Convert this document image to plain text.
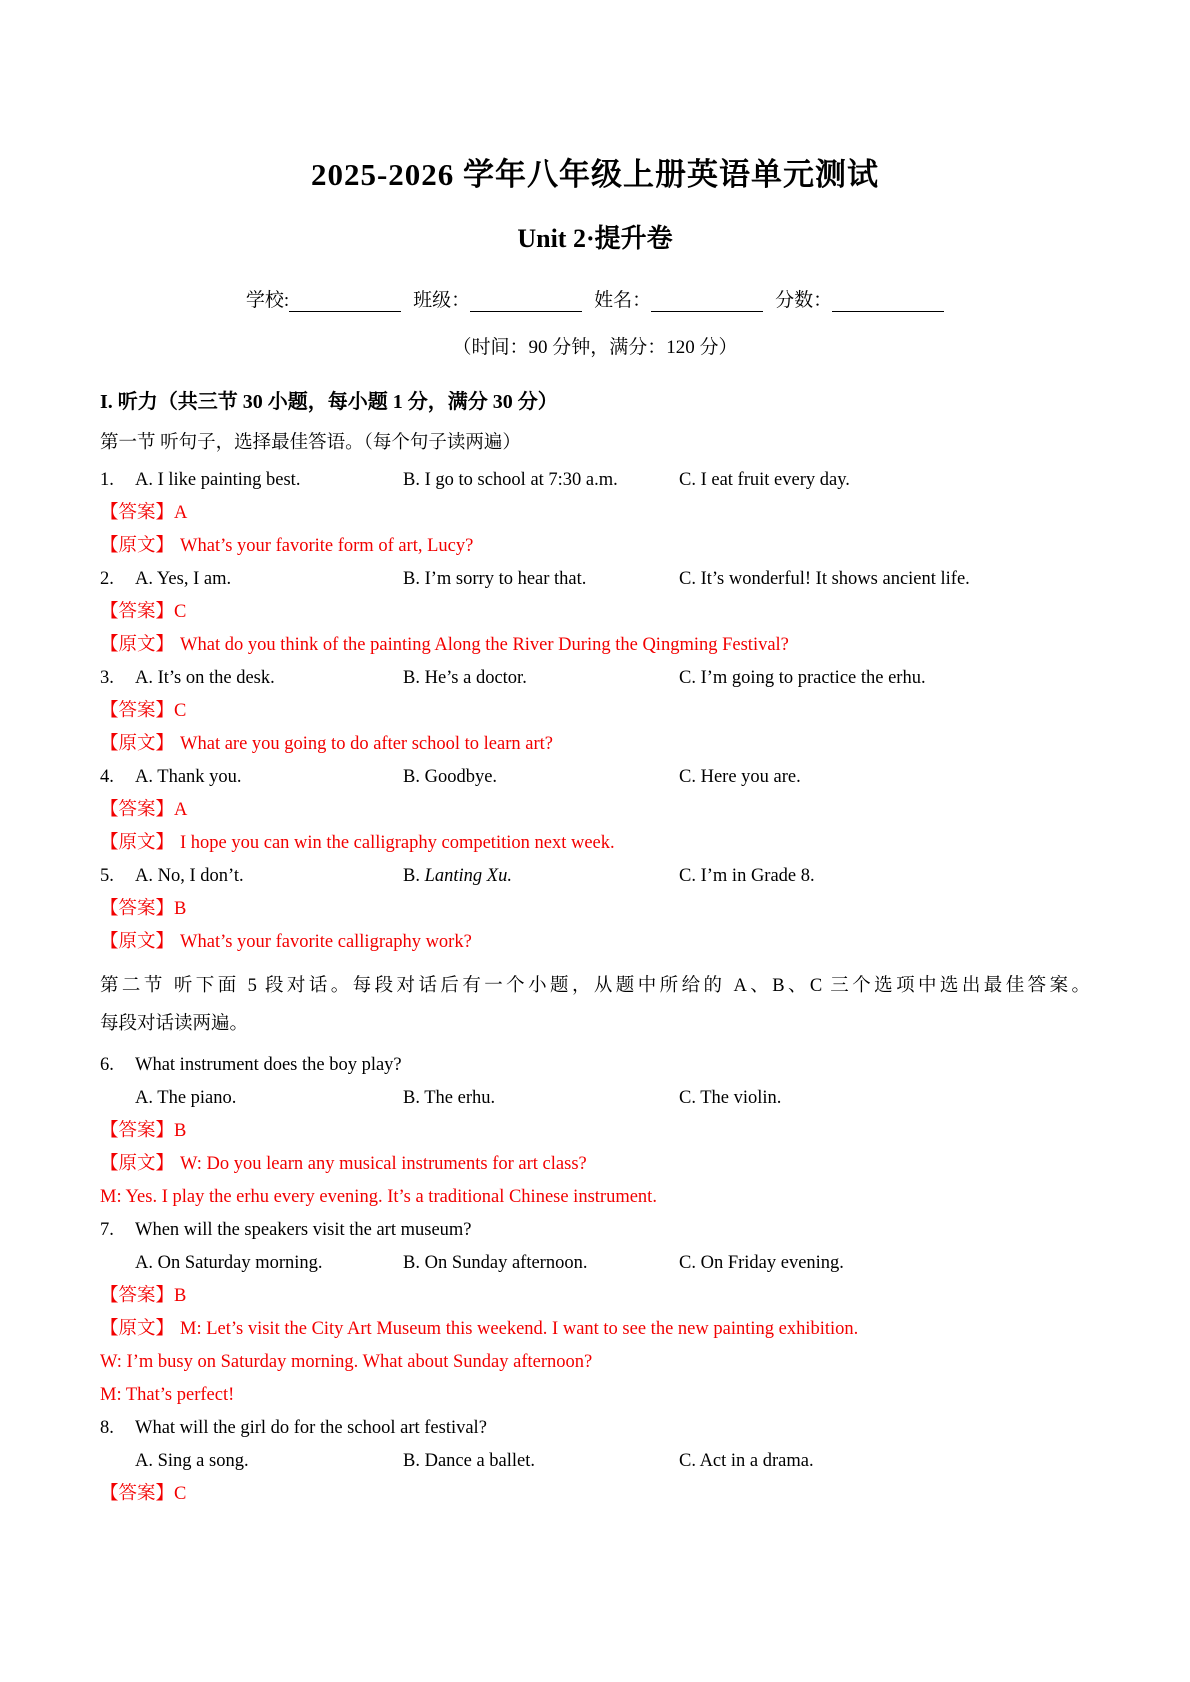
2025-2026 学年八年级上册英语单元测试
Unit 2·提升卷
学校:	班级：	姓名：	分数：
（时间：90 分钟，满分：120 分）
I. 听力（共三节 30 小题，每小题 1 分，满分 30 分）
第一节 听句子，选择最佳答语。（每个句子读两遍）
1.	A. I like painting best.	B. I go to school at 7:30 a.m.	C. I eat fruit every day.
【答案】 A
【原文】 What’s your favorite form of art, Lucy?
2.	A. Yes, I am.	B. I’m sorry to hear that.	C. It’s wonderful! It shows ancient life.
【答案】 C
【原文】 What do you think of the painting Along the River During the Qingming Festival?
3.	A. It’s on the desk.	B. He’s a doctor.	C. I’m going to practice the erhu.
【答案】 C
【原文】 What are you going to do after school to learn art?
4.	A. Thank you.	B. Goodbye.	C. Here you are.
【答案】 A
【原文】 I hope you can win the calligraphy competition next week.
5.	A. No, I don’t.	B. Lanting Xu.	C. I’m in Grade 8.
【答案】 B
【原文】 What’s your favorite calligraphy work?
第二节 听下面 5 段对话。每段对话后有一个小题，从题中所给的 A、B、C 三个选项中选出最佳答案。
每段对话读两遍。
6.	What instrument does the boy play?
A. The piano.	B. The erhu.	C. The violin.
【答案】 B
【原文】 W: Do you learn any musical instruments for art class?
M: Yes. I play the erhu every evening. It’s a traditional Chinese instrument.
7.	When will the speakers visit the art museum?
A. On Saturday morning.	B. On Sunday afternoon.	C. On Friday evening.
【答案】 B
【原文】 M: Let’s visit the City Art Museum this weekend. I want to see the new painting exhibition.
W: I’m busy on Saturday morning. What about Sunday afternoon?
M: That’s perfect!
8.	What will the girl do for the school art festival?
A. Sing a song.	B. Dance a ballet.	C. Act in a drama.
【答案】 C
